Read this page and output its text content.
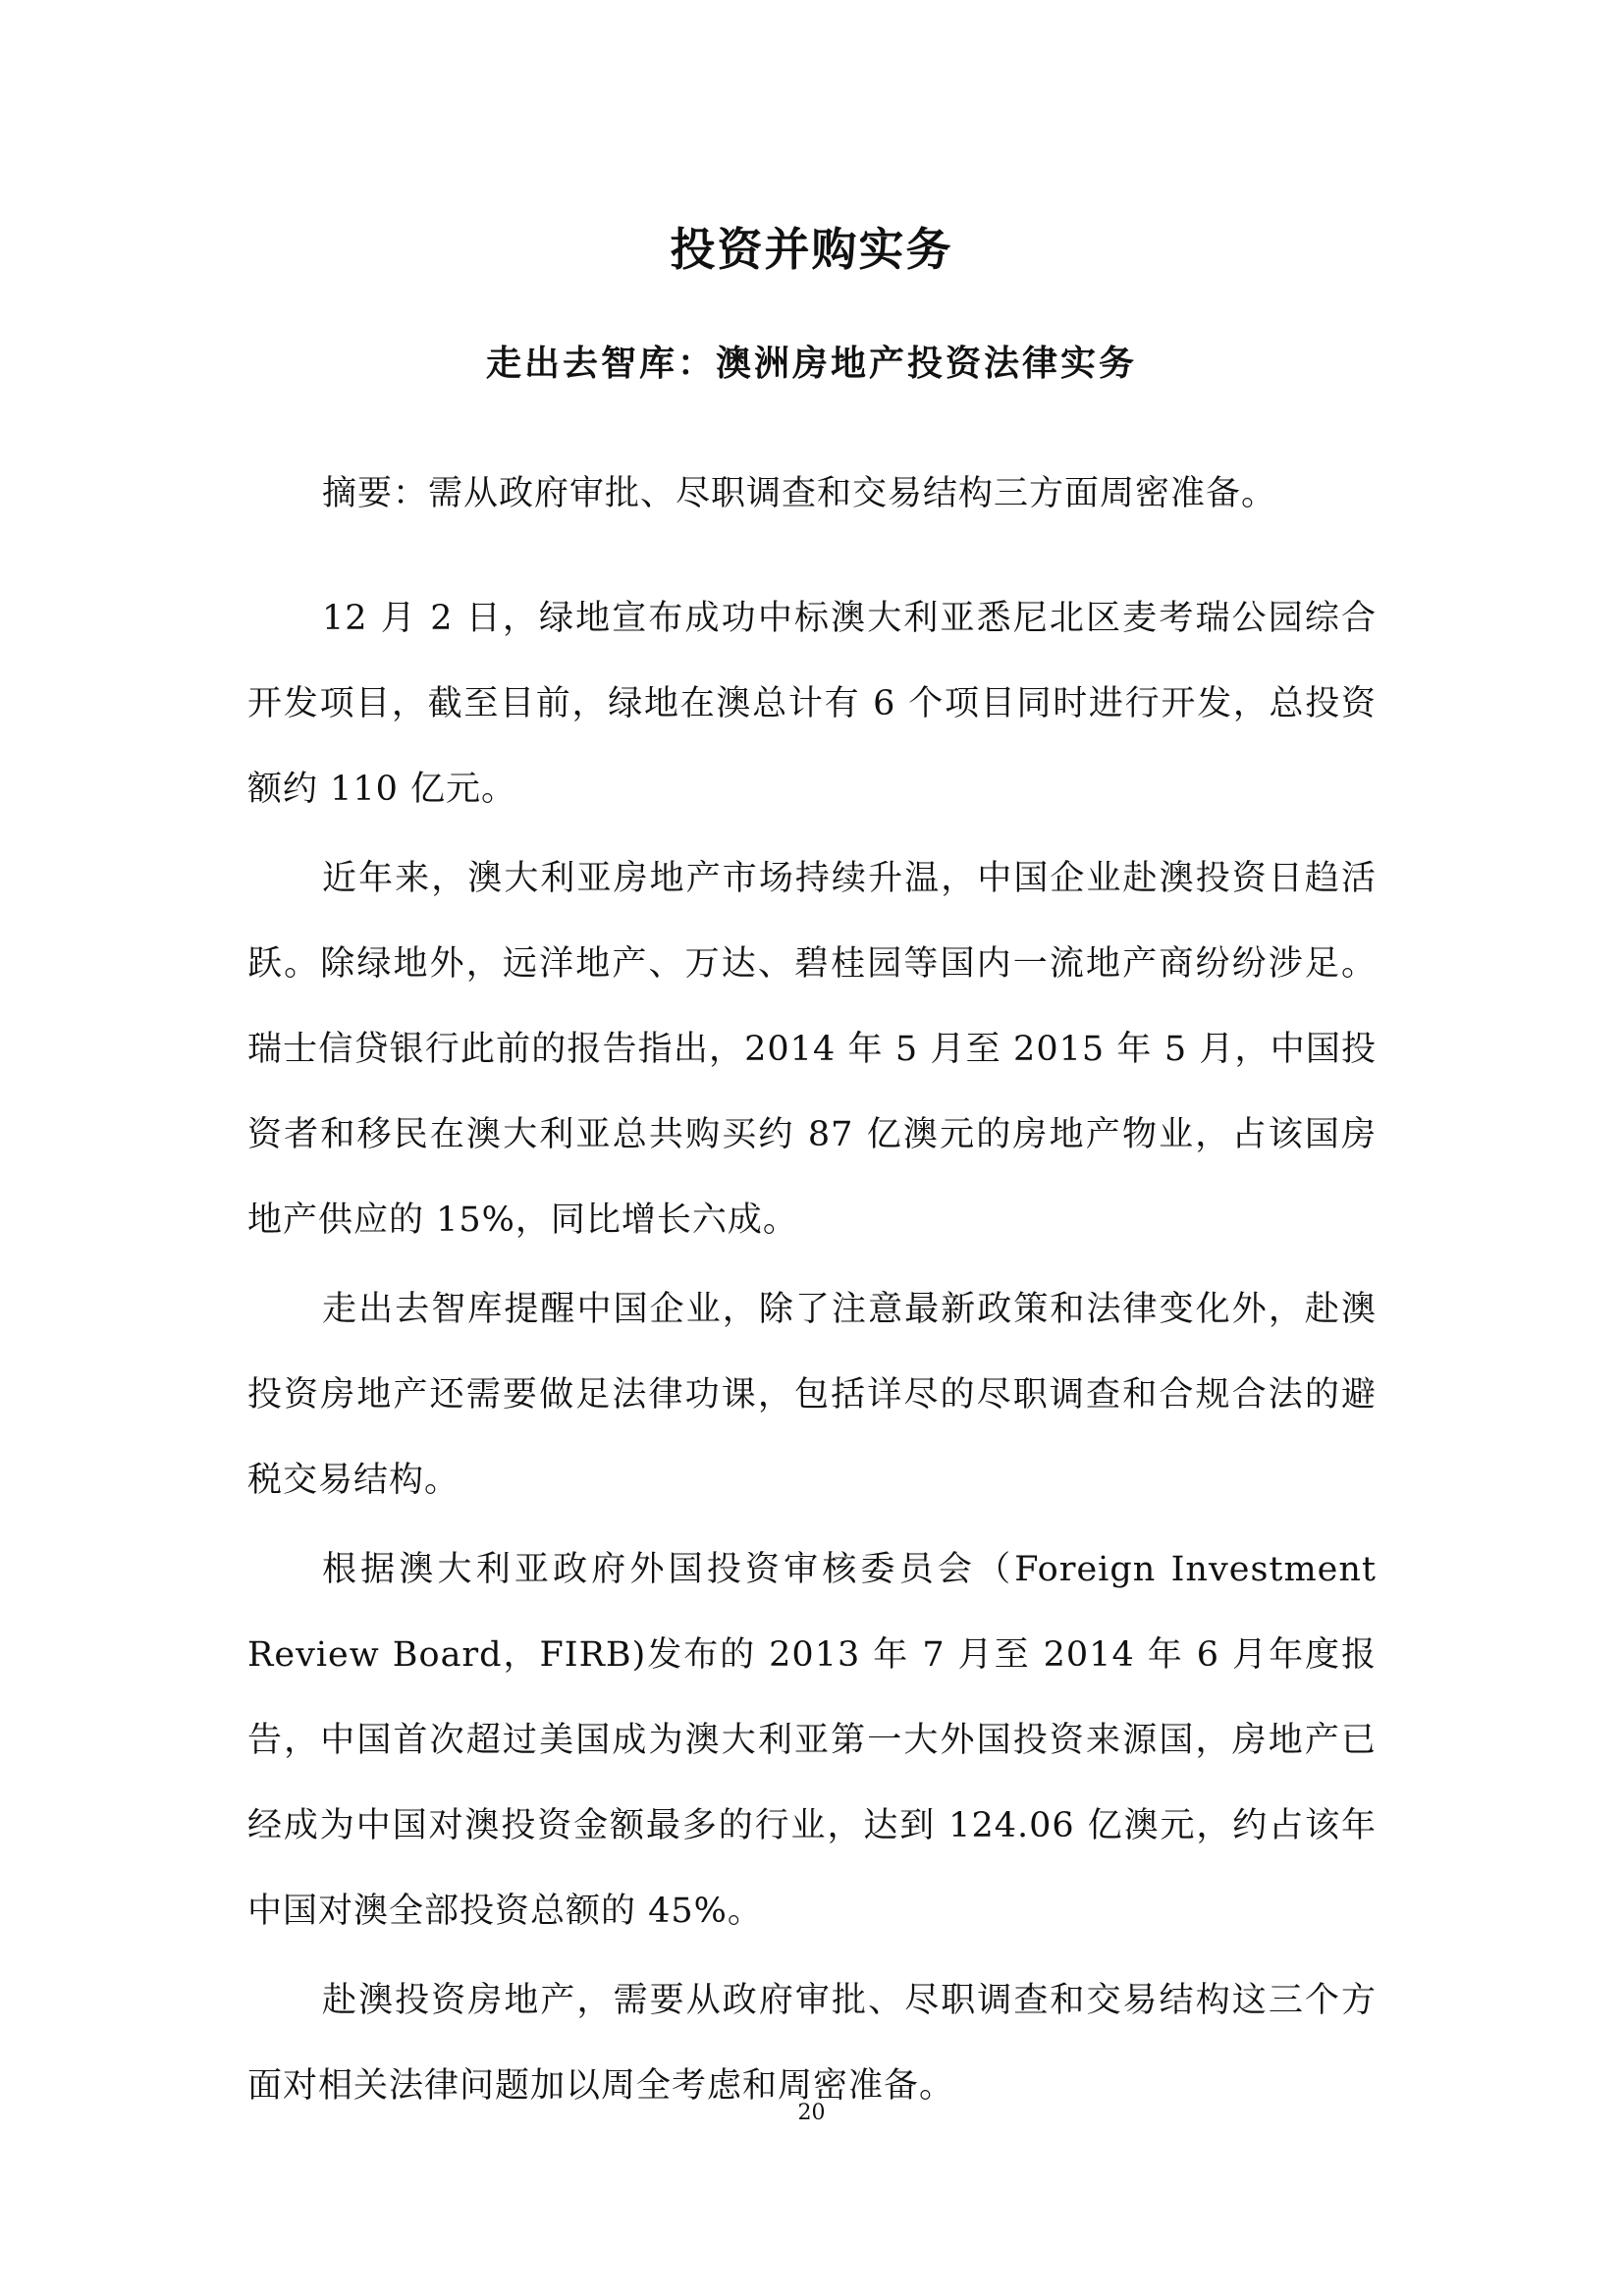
投资并购实务
走出去智库：澳洲房地产投资法律实务

摘要：需从政府审批、尽职调查和交易结构三方面周密准备。

12 月 2 日，绿地宣布成功中标澳大利亚悉尼北区麦考瑞公园综合开发项目，截至目前，绿地在澳总计有 6 个项目同时进行开发，总投资额约 110 亿元。

近年来，澳大利亚房地产市场持续升温，中国企业赴澳投资日趋活跃。除绿地外，远洋地产、万达、碧桂园等国内一流地产商纷纷涉足。瑞士信贷银行此前的报告指出，2014 年 5 月至 2015 年 5 月，中国投资者和移民在澳大利亚总共购买约 87 亿澳元的房地产物业，占该国房地产供应的 15%，同比增长六成。

走出去智库提醒中国企业，除了注意最新政策和法律变化外，赴澳投资房地产还需要做足法律功课，包括详尽的尽职调查和合规合法的避税交易结构。

根据澳大利亚政府外国投资审核委员会（Foreign Investment Review Board，FIRB)发布的 2013 年 7 月至 2014 年 6 月年度报告，中国首次超过美国成为澳大利亚第一大外国投资来源国，房地产已经成为中国对澳投资金额最多的行业，达到 124.06 亿澳元，约占该年中国对澳全部投资总额的 45%。

赴澳投资房地产，需要从政府审批、尽职调查和交易结构这三个方面对相关法律问题加以周全考虑和周密准备。

20
